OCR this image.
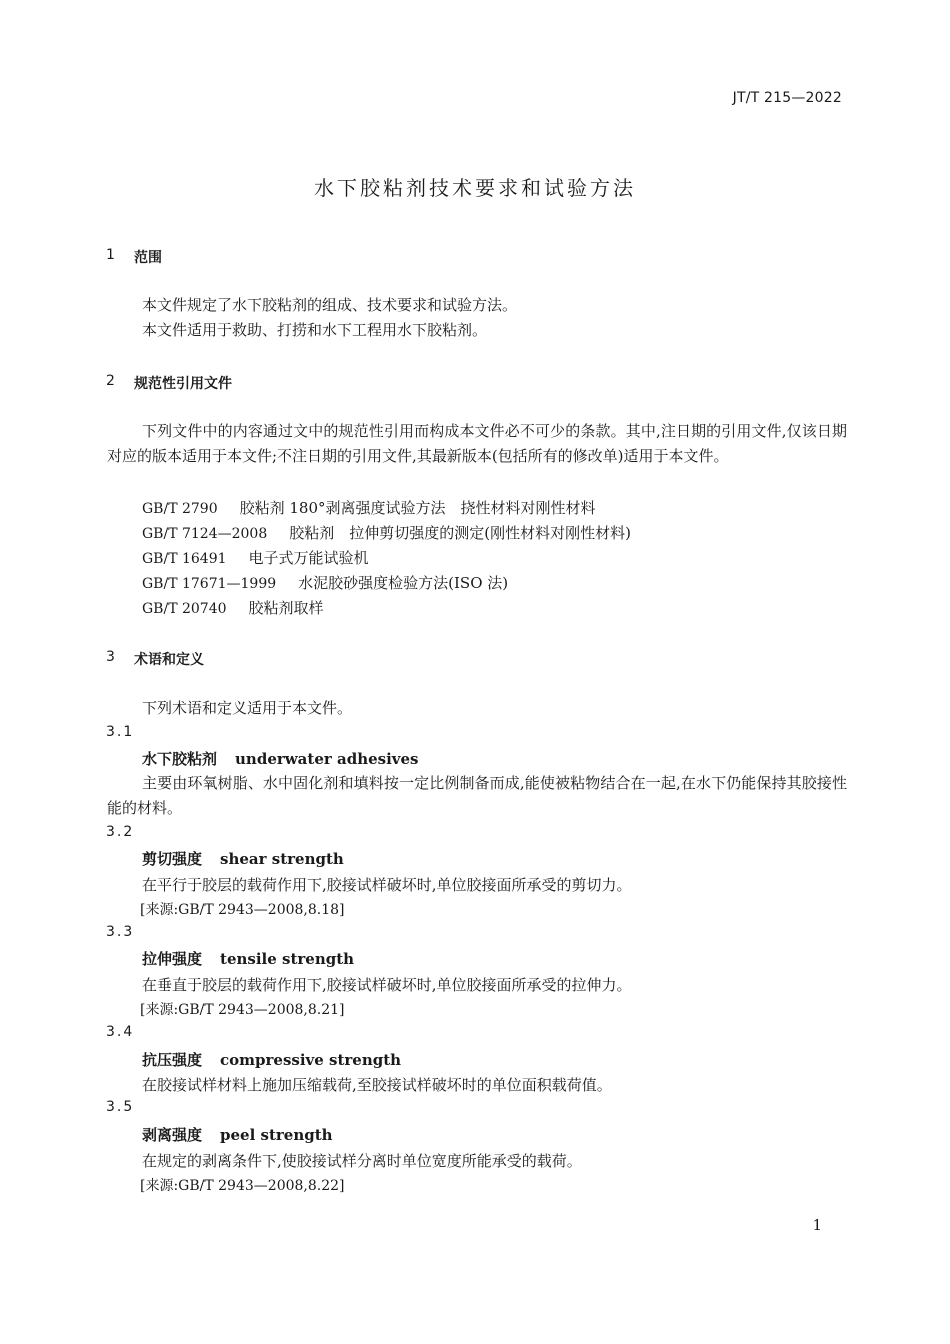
JT/T 215—2022
水下胶粘剂技术要求和试验方法
1 范围
本文件规定了水下胶粘剂的组成、技术要求和试验方法。
本文件适用于救助、打捞和水下工程用水下胶粘剂。
2 规范性引用文件
下列文件中的内容通过文中的规范性引用而构成本文件必不可少的条款。其中,注日期的引用文件,仅该日期对应的版本适用于本文件;不注日期的引用文件,其最新版本(包括所有的修改单)适用于本文件。
GB/T 2790 胶粘剂 180°剥离强度试验方法　挠性材料对刚性材料
GB/T 7124—2008 胶粘剂　拉伸剪切强度的测定(刚性材料对刚性材料)
GB/T 16491 电子式万能试验机
GB/T 17671—1999 水泥胶砂强度检验方法(ISO 法)
GB/T 20740 胶粘剂取样
3 术语和定义
下列术语和定义适用于本文件。
3.1
水下胶粘剂 underwater adhesives
主要由环氧树脂、水中固化剂和填料按一定比例制备而成,能使被粘物结合在一起,在水下仍能保持其胶接性能的材料。
3.2
剪切强度 shear strength
在平行于胶层的载荷作用下,胶接试样破坏时,单位胶接面所承受的剪切力。
[来源:GB/T 2943—2008,8.18]
3.3
拉伸强度 tensile strength
在垂直于胶层的载荷作用下,胶接试样破坏时,单位胶接面所承受的拉伸力。
[来源:GB/T 2943—2008,8.21]
3.4
抗压强度 compressive strength
在胶接试样材料上施加压缩载荷,至胶接试样破坏时的单位面积载荷值。
3.5
剥离强度 peel strength
在规定的剥离条件下,使胶接试样分离时单位宽度所能承受的载荷。
[来源:GB/T 2943—2008,8.22]
1
